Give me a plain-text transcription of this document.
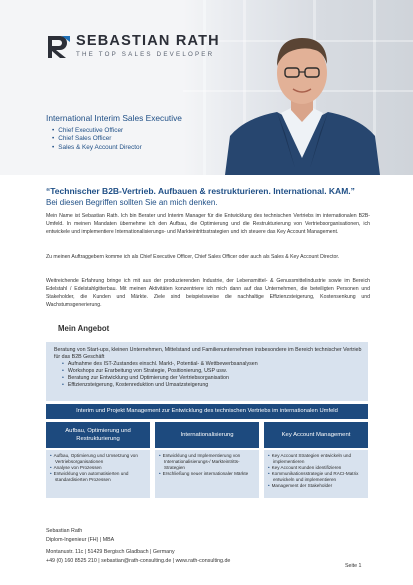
SEBASTIAN RATH
THE TOP SALES DEVELOPER
International Interim Sales Executive
• Chief Executive Officer
• Chief Sales Officer
• Sales & Key Account Director
“Technischer B2B-Vertrieb. Aufbauen & restrukturieren. International. KAM.”
Bei diesen Begriffen sollten Sie an mich denken.

Mein Name ist Sebastian Rath. Ich bin Berater und Interim Manager für die Entwicklung des technischen Vertriebs im internationalen B2B-Umfeld. In meinen Mandaten übernehme ich den Aufbau, die Optimierung und die Restrukturierung von Vertriebsorganisationen, ich entwickele und implementiere Internationalisierungs- und Markteintrittsstrategien und ich steuere das Key Account Management.

Zu meinen Auftraggebern komme ich als Chief Executive Officer, Chief Sales Officer oder auch als Sales & Key Account Director.

Weitreichende Erfahrung bringe ich mit aus der produzierenden Industrie, der Lebensmittel- & Genussmittelindustrie sowie im Bereich Edelstahl / Edelstahlgitterbau. Mit meinen Aktivitäten konzentriere ich mich dann auf das Unternehmen, die beteiligten Personen und Stakeholder, die Kunden und Märkte. Ziele sind beispielsweise die nachhaltige Effizienzsteigerung, Kostensenkung und Wachstumsgenerierung.

Mein Angebot

Beratung von Start-ups, kleinen Unternehmen, Mittelstand und Familienunternehmen insbesondere im Bereich technischer Vertrieb für das B2B Geschäft

• Aufnahme des IST-Zustandes einschl. Markt-, Potential- & Wettbewerbsanalysen
• Workshops zur Erarbeitung von Strategie, Positionierung, USP usw.
• Beratung zur Entwicklung und Optimierung der Vertriebsorganisation
• Effizienzsteigerung, Kostenreduktion und Umsatzsteigerung
Interim und Projekt Management zur Entwicklung des technischen Vertriebs im internationalen Umfeld
Aufbau, Optimierung und Restrukturierung
Internationalisierung	Key Account Management
• Aufbau, Optimierung und Umsetzung von Vertriebsorganisationen
• Analyse von Prozessen
• Entwicklung von automatisierten und standardisierten Prozessen
• Entwicklung und Implementierung von Internationalisierungs-/ Markteintritts-Strategien
• Erschließung neuer internationaler Märkte
• Key Account Strategien entwickeln und implementieren
• Key Account Kunden identifizieren
• Kommunikationsstrategie und RACI-Matrix entwickeln und implementieren
• Management der Stakeholder
Sebastian Rath
Diplom-Ingenieur (FH) | MBA
Montanustr. 11c | 51429 Bergisch Gladbach | Germany
+49 (0) 160 8525 210 | sebastian@rath-consulting.de | www.rath-consulting.de
Seite 1
